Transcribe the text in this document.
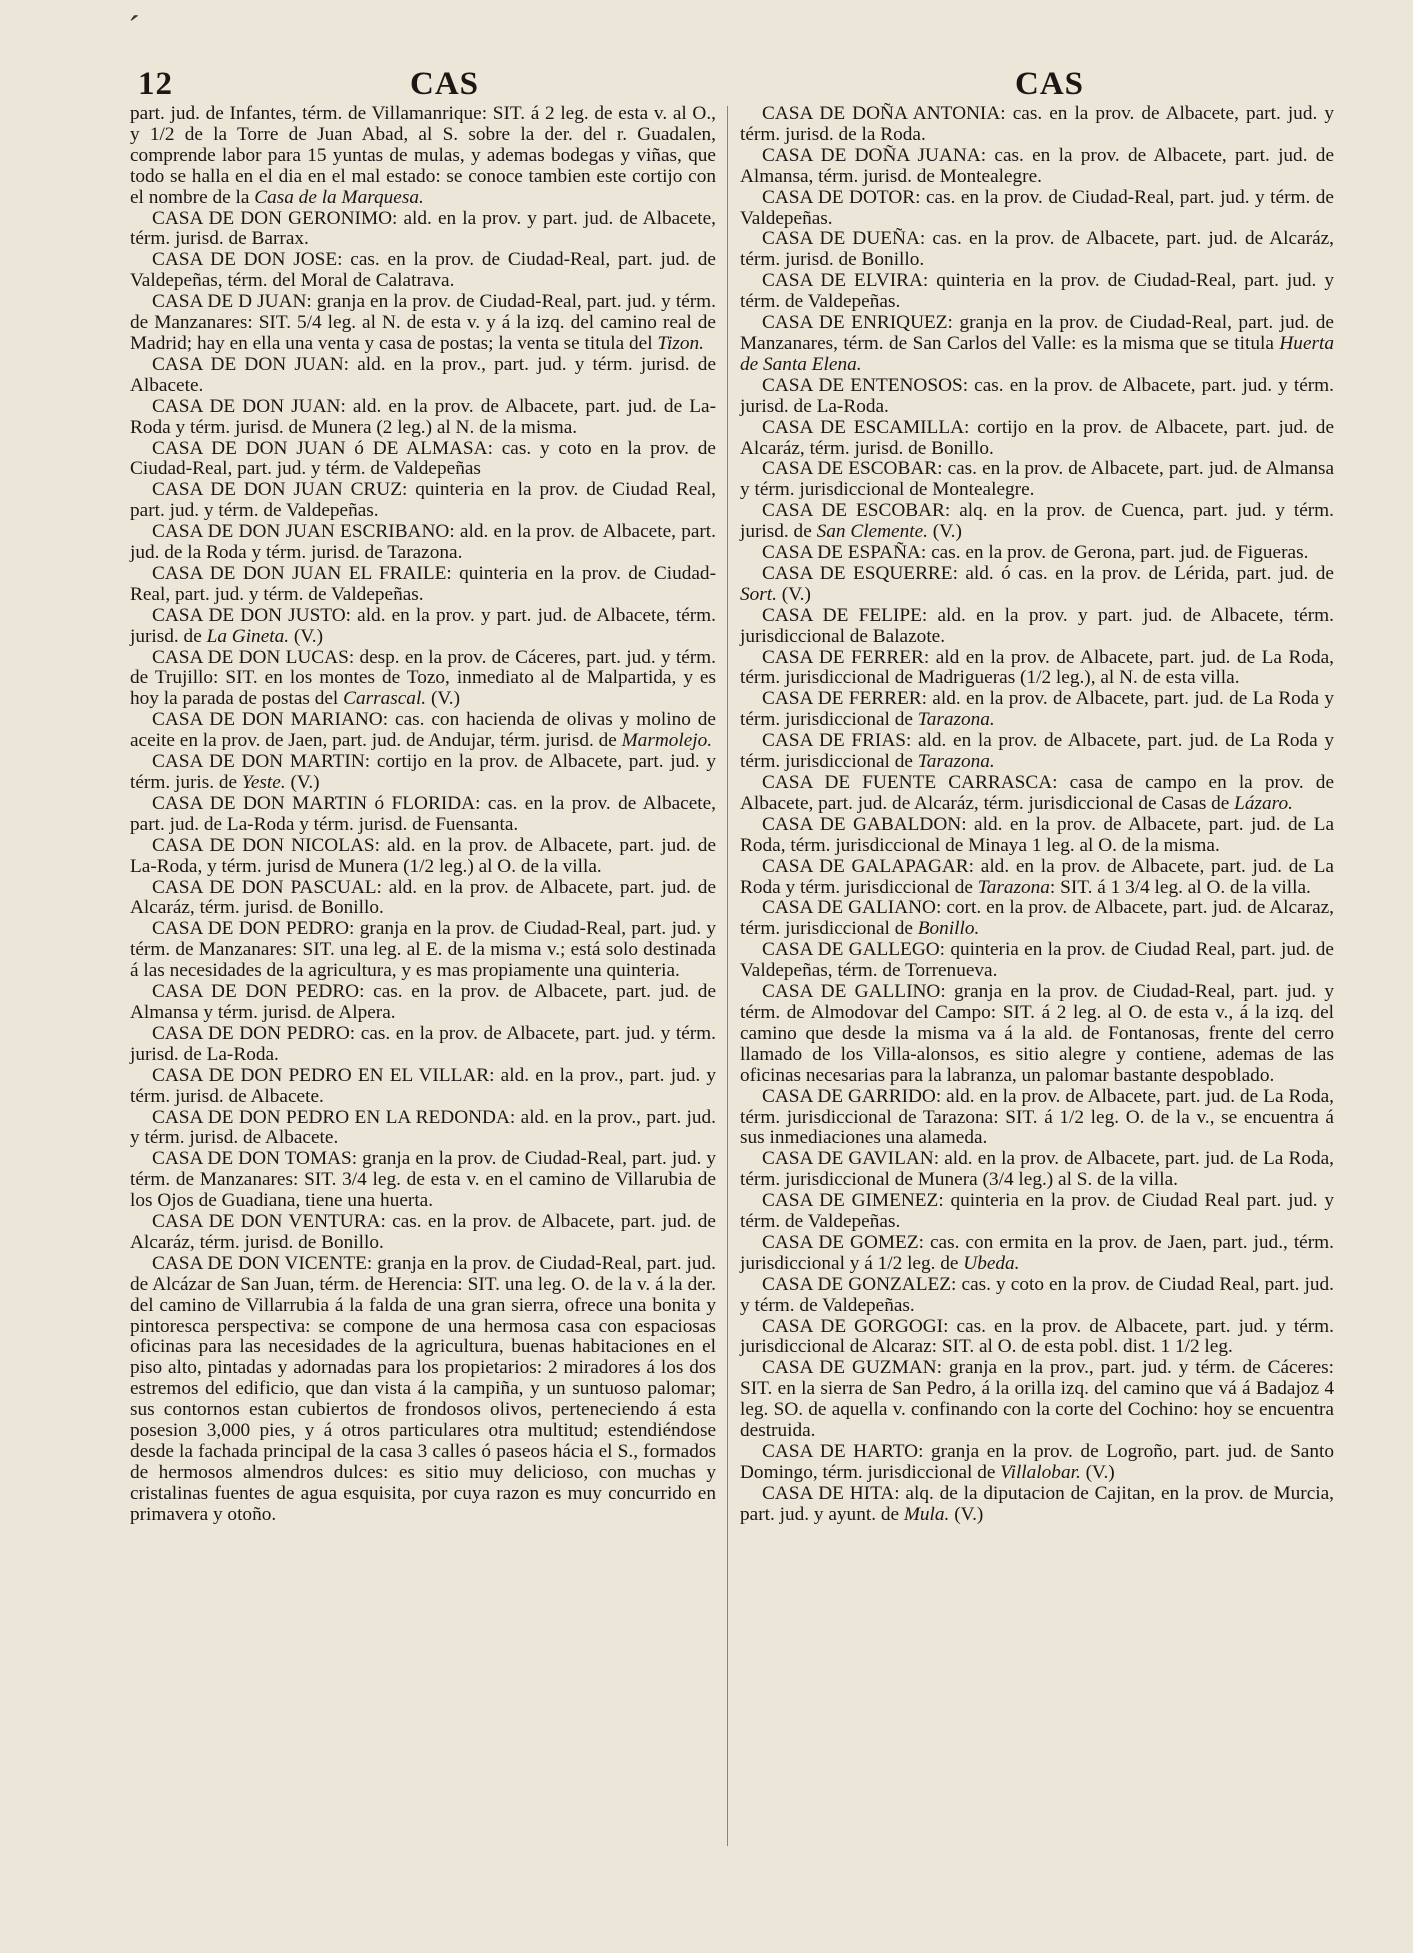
ˊ
12	CAS	CAS

part. jud. de Infantes, térm. de Villamanrique: SIT. á 2 leg. de esta v. al O., y 1/2 de la Torre de Juan Abad, al S. sobre la der. del r. Guadalen, comprende labor para 15 yuntas de mulas, y ademas bodegas y viñas, que todo se halla en el dia en el mal estado: se conoce tambien este cortijo con el nombre de la Casa de la Marquesa.

CASA DE DON GERONIMO: ald. en la prov. y part. jud. de Albacete, térm. jurisd. de Barrax.

CASA DE DON JOSE: cas. en la prov. de Ciudad-Real, part. jud. de Valdepeñas, térm. del Moral de Calatrava.

CASA DE D JUAN: granja en la prov. de Ciudad-Real, part. jud. y térm. de Manzanares: SIT. 5/4 leg. al N. de esta v. y á la izq. del camino real de Madrid; hay en ella una venta y casa de postas; la venta se titula del Tizon.

CASA DE DON JUAN: ald. en la prov., part. jud. y térm. jurisd. de Albacete.

CASA DE DON JUAN: ald. en la prov. de Albacete, part. jud. de La-Roda y térm. jurisd. de Munera (2 leg.) al N. de la misma.

CASA DE DON JUAN ó DE ALMASA: cas. y coto en la prov. de Ciudad-Real, part. jud. y térm. de Valdepeñas

CASA DE DON JUAN CRUZ: quinteria en la prov. de Ciudad Real, part. jud. y térm. de Valdepeñas.

CASA DE DON JUAN ESCRIBANO: ald. en la prov. de Albacete, part. jud. de la Roda y térm. jurisd. de Tarazona.

CASA DE DON JUAN EL FRAILE: quinteria en la prov. de Ciudad-Real, part. jud. y térm. de Valdepeñas.

CASA DE DON JUSTO: ald. en la prov. y part. jud. de Albacete, térm. jurisd. de La Gineta. (V.)

CASA DE DON LUCAS: desp. en la prov. de Cáceres, part. jud. y térm. de Trujillo: SIT. en los montes de Tozo, inmediato al de Malpartida, y es hoy la parada de postas del Carrascal. (V.)

CASA DE DON MARIANO: cas. con hacienda de olivas y molino de aceite en la prov. de Jaen, part. jud. de Andujar, térm. jurisd. de Marmolejo.

CASA DE DON MARTIN: cortijo en la prov. de Albacete, part. jud. y térm. juris. de Yeste. (V.)

CASA DE DON MARTIN ó FLORIDA: cas. en la prov. de Albacete, part. jud. de La-Roda y térm. jurisd. de Fuensanta.

CASA DE DON NICOLAS: ald. en la prov. de Albacete, part. jud. de La-Roda, y térm. jurisd de Munera (1/2 leg.) al O. de la villa.

CASA DE DON PASCUAL: ald. en la prov. de Albacete, part. jud. de Alcaráz, térm. jurisd. de Bonillo.

CASA DE DON PEDRO: granja en la prov. de Ciudad-Real, part. jud. y térm. de Manzanares: SIT. una leg. al E. de la misma v.; está solo destinada á las necesidades de la agricultura, y es mas propiamente una quinteria.

CASA DE DON PEDRO: cas. en la prov. de Albacete, part. jud. de Almansa y térm. jurisd. de Alpera.

CASA DE DON PEDRO: cas. en la prov. de Albacete, part. jud. y térm. jurisd. de La-Roda.

CASA DE DON PEDRO EN EL VILLAR: ald. en la prov., part. jud. y térm. jurisd. de Albacete.

CASA DE DON PEDRO EN LA REDONDA: ald. en la prov., part. jud. y térm. jurisd. de Albacete.

CASA DE DON TOMAS: granja en la prov. de Ciudad-Real, part. jud. y térm. de Manzanares: SIT. 3/4 leg. de esta v. en el camino de Villarubia de los Ojos de Guadiana, tiene una huerta.

CASA DE DON VENTURA: cas. en la prov. de Albacete, part. jud. de Alcaráz, térm. jurisd. de Bonillo.

CASA DE DON VICENTE: granja en la prov. de Ciudad-Real, part. jud. de Alcázar de San Juan, térm. de Herencia: SIT. una leg. O. de la v. á la der. del camino de Villarrubia á la falda de una gran sierra, ofrece una bonita y pintoresca perspectiva: se compone de una hermosa casa con espaciosas oficinas para las necesidades de la agricultura, buenas habitaciones en el piso alto, pintadas y adornadas para los propietarios: 2 miradores á los dos estremos del edificio, que dan vista á la campiña, y un suntuoso palomar; sus contornos estan cubiertos de frondosos olivos, perteneciendo á esta posesion 3,000 pies, y á otros particulares otra multitud; estendiéndose desde la fachada principal de la casa 3 calles ó paseos hácia el S., formados de hermosos almendros dulces: es sitio muy delicioso, con muchas y cristalinas fuentes de agua esquisita, por cuya razon es muy concurrido en primavera y otoño.

CASA DE DOÑA ANTONIA: cas. en la prov. de Albacete, part. jud. y térm. jurisd. de la Roda.

CASA DE DOÑA JUANA: cas. en la prov. de Albacete, part. jud. de Almansa, térm. jurisd. de Montealegre.

CASA DE DOTOR: cas. en la prov. de Ciudad-Real, part. jud. y térm. de Valdepeñas.

CASA DE DUEÑA: cas. en la prov. de Albacete, part. jud. de Alcaráz, térm. jurisd. de Bonillo.

CASA DE ELVIRA: quinteria en la prov. de Ciudad-Real, part. jud. y térm. de Valdepeñas.

CASA DE ENRIQUEZ: granja en la prov. de Ciudad-Real, part. jud. de Manzanares, térm. de San Carlos del Valle: es la misma que se titula Huerta de Santa Elena.

CASA DE ENTENOSOS: cas. en la prov. de Albacete, part. jud. y térm. jurisd. de La-Roda.

CASA DE ESCAMILLA: cortijo en la prov. de Albacete, part. jud. de Alcaráz, térm. jurisd. de Bonillo.

CASA DE ESCOBAR: cas. en la prov. de Albacete, part. jud. de Almansa y térm. jurisdiccional de Montealegre.

CASA DE ESCOBAR: alq. en la prov. de Cuenca, part. jud. y térm. jurisd. de San Clemente. (V.)

CASA DE ESPAÑA: cas. en la prov. de Gerona, part. jud. de Figueras.

CASA DE ESQUERRE: ald. ó cas. en la prov. de Lérida, part. jud. de Sort. (V.)

CASA DE FELIPE: ald. en la prov. y part. jud. de Albacete, térm. jurisdiccional de Balazote.

CASA DE FERRER: ald en la prov. de Albacete, part. jud. de La Roda, térm. jurisdiccional de Madrigueras (1/2 leg.), al N. de esta villa.

CASA DE FERRER: ald. en la prov. de Albacete, part. jud. de La Roda y térm. jurisdiccional de Tarazona.

CASA DE FRIAS: ald. en la prov. de Albacete, part. jud. de La Roda y térm. jurisdiccional de Tarazona.

CASA DE FUENTE CARRASCA: casa de campo en la prov. de Albacete, part. jud. de Alcaráz, térm. jurisdiccional de Casas de Lázaro.

CASA DE GABALDON: ald. en la prov. de Albacete, part. jud. de La Roda, térm. jurisdiccional de Minaya 1 leg. al O. de la misma.

CASA DE GALAPAGAR: ald. en la prov. de Albacete, part. jud. de La Roda y térm. jurisdiccional de Tarazona: SIT. á 1 3/4 leg. al O. de la villa.

CASA DE GALIANO: cort. en la prov. de Albacete, part. jud. de Alcaraz, térm. jurisdiccional de Bonillo.

CASA DE GALLEGO: quinteria en la prov. de Ciudad Real, part. jud. de Valdepeñas, térm. de Torrenueva.

CASA DE GALLINO: granja en la prov. de Ciudad-Real, part. jud. y térm. de Almodovar del Campo: SIT. á 2 leg. al O. de esta v., á la izq. del camino que desde la misma va á la ald. de Fontanosas, frente del cerro llamado de los Villa-alonsos, es sitio alegre y contiene, ademas de las oficinas necesarias para la labranza, un palomar bastante despoblado.

CASA DE GARRIDO: ald. en la prov. de Albacete, part. jud. de La Roda, térm. jurisdiccional de Tarazona: SIT. á 1/2 leg. O. de la v., se encuentra á sus inmediaciones una alameda.

CASA DE GAVILAN: ald. en la prov. de Albacete, part. jud. de La Roda, térm. jurisdiccional de Munera (3/4 leg.) al S. de la villa.

CASA DE GIMENEZ: quinteria en la prov. de Ciudad Real part. jud. y térm. de Valdepeñas.

CASA DE GOMEZ: cas. con ermita en la prov. de Jaen, part. jud., térm. jurisdiccional y á 1/2 leg. de Ubeda.

CASA DE GONZALEZ: cas. y coto en la prov. de Ciudad Real, part. jud. y térm. de Valdepeñas.

CASA DE GORGOGI: cas. en la prov. de Albacete, part. jud. y térm. jurisdiccional de Alcaraz: SIT. al O. de esta pobl. dist. 1 1/2 leg.

CASA DE GUZMAN: granja en la prov., part. jud. y térm. de Cáceres: SIT. en la sierra de San Pedro, á la orilla izq. del camino que vá á Badajoz 4 leg. SO. de aquella v. confinando con la corte del Cochino: hoy se encuentra destruida.

CASA DE HARTO: granja en la prov. de Logroño, part. jud. de Santo Domingo, térm. jurisdiccional de Villalobar. (V.)

CASA DE HITA: alq. de la diputacion de Cajitan, en la prov. de Murcia, part. jud. y ayunt. de Mula. (V.)
